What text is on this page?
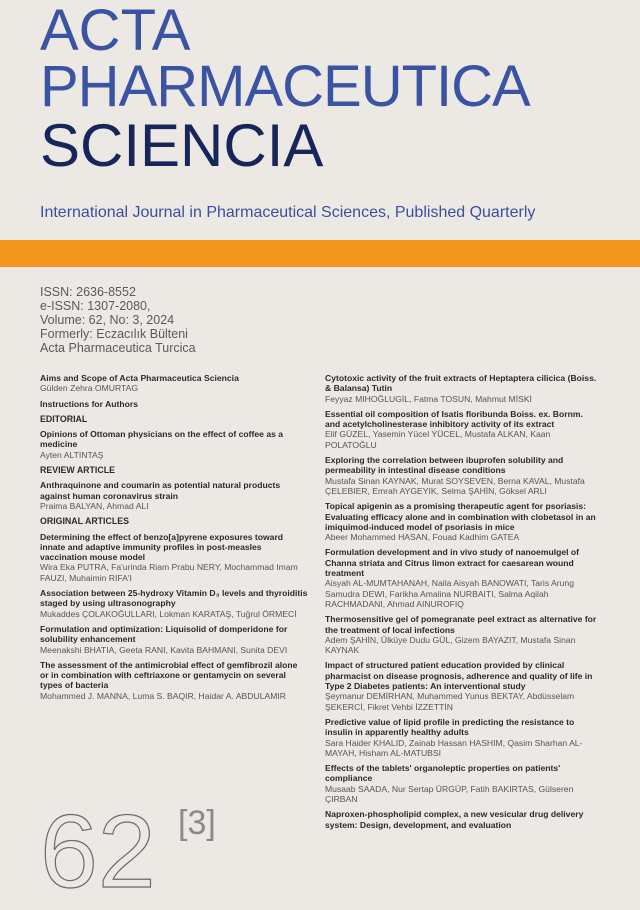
ACTA
PHARMACEUTICA
SCIENCIA
International Journal in Pharmaceutical Sciences, Published Quarterly
ISSN: 2636-8552
e-ISSN: 1307-2080,
Volume: 62, No: 3, 2024
Formerly: Eczacılık Bülteni
Acta Pharmaceutica Turcica
Aims and Scope of Acta Pharmaceutica Sciencia
Gülden Zehra OMURTAG
Instructions for Authors
EDITORIAL
Opinions of Ottoman physicians on the effect of coffee as a medicine
Ayten ALTINTAŞ
REVIEW ARTICLE
Anthraquinone and coumarin as potential natural products against human coronavirus strain
Praima BALYAN, Ahmad ALI
ORIGINAL ARTICLES
Determining the effect of benzo[a]pyrene exposures toward innate and adaptive immunity profiles in post-measles vaccination mouse model
Wira Eka PUTRA, Fa'urinda Riam Prabu NERY, Mochammad Imam FAUZI, Muhaimin RIFA'I
Association between 25-hydroxy Vitamin D₃ levels and thyroiditis staged by using ultrasonography
Mukaddes ÇOLAKOĞULLARI, Lokman KARATAŞ, Tuğrul ÖRMECİ
Formulation and optimization: Liquisolid of domperidone for solubility enhancement
Meenakshi BHATIA, Geeta RANI, Kavita BAHMANI, Sunita DEVI
The assessment of the antimicrobial effect of gemfibrozil alone or in combination with ceftriaxone or gentamycin on several types of bacteria
Mohammed J. MANNA, Luma S. BAQIR, Haidar A. ABDULAMIR
Cytotoxic activity of the fruit extracts of Heptaptera cilicica (Boiss. & Balansa) Tutin
Feyyaz MIHOĞLUGİL, Fatma TOSUN, Mahmut MİSKİ
Essential oil composition of Isatis floribunda Boiss. ex. Bornm. and acetylcholinesterase inhibitory activity of its extract
Elif GÜZEL, Yasemin Yücel YÜCEL, Mustafa ALKAN, Kaan POLATOĞLU
Exploring the correlation between ibuprofen solubility and permeability in intestinal disease conditions
Mustafa Sinan KAYNAK, Murat SOYSEVEN, Berna KAVAL, Mustafa ÇELEBIER, Emrah AYGEYIK, Selma ŞAHİN, Göksel ARLI
Topical apigenin as a promising therapeutic agent for psoriasis: Evaluating efficacy alone and in combination with clobetasol in an imiquimod-induced model of psoriasis in mice
Abeer Mohammed HASAN, Fouad Kadhim GATEA
Formulation development and in vivo study of nanoemulgel of Channa striata and Citrus limon extract for caesarean wound treatment
Aisyah AL-MUMTAHANAH, Naila Aisyah BANOWATI, Taris Arung Samudra DEWI, Farikha Amalina NURBAITI, Salma Aqilah RACHMADANI, Ahmad AINUROFIQ
Thermosensitive gel of pomegranate peel extract as alternative for the treatment of local infections
Adem ŞAHİN, Ülküye Dudu GÜL, Gizem BAYAZIT, Mustafa Sinan KAYNAK
Impact of structured patient education provided by clinical pharmacist on disease prognosis, adherence and quality of life in Type 2 Diabetes patients: An interventional study
Şeymanur DEMİRHAN, Muhammed Yunus BEKTAY, Abdüsselam ŞEKERCİ, Fikret Vehbi İZZETTİN
Predictive value of lipid profile in predicting the resistance to insulin in apparently healthy adults
Sara Haider KHALID, Zainab Hassan HASHIM, Qasim Sharhan AL-MAYAH, Hisham AL-MATUBSI
Effects of the tablets' organoleptic properties on patients' compliance
Musaab SAADA, Nur Sertap ÜRGÜP, Fatih BAKIRTAS, Gülseren ÇIRBAN
Naproxen-phospholipid complex, a new vesicular drug delivery system: Design, development, and evaluation
62 [3]
